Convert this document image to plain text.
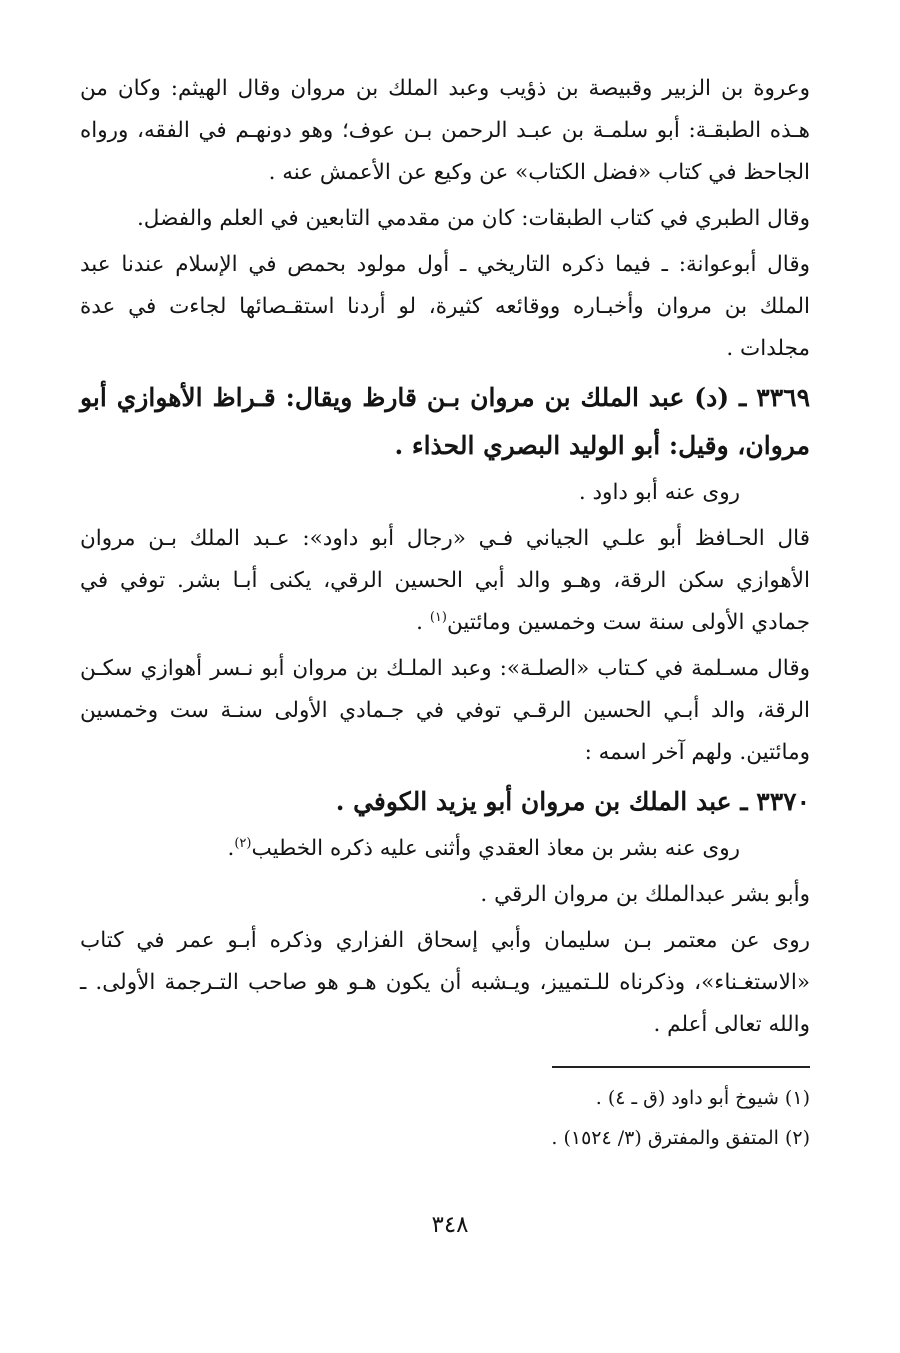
وعروة بن الزبير وقبيصة بن ذؤيب وعبد الملك بن مروان وقال الهيثم: وكان من هـذه الطبقـة: أبو سلمـة بن عبـد الرحمن بـن عوف؛ وهو دونهـم في الفقه، ورواه الجاحظ في كتاب «فضل الكتاب» عن وكيع عن الأعمش عنه .

وقال الطبري في كتاب الطبقات: كان من مقدمي التابعين في العلم والفضل.

وقال أبوعوانة: ـ فيما ذكره التاريخي ـ أول مولود بحمص في الإسلام عندنا عبد الملك بن مروان وأخبـاره ووقائعه كثيرة، لو أردنا استقـصائها لجاءت في عدة مجلدات .

٣٣٦٩ ـ (د) عبد الملك بن مروان بـن قارظ ويقال: قـراظ الأهوازي أبو مروان، وقيل: أبو الوليد البصري الحذاء .

روى عنه أبو داود .

قال الحـافظ أبو علـي الجياني فـي «رجال أبو داود»: عـبد الملك بـن مروان الأهوازي سكن الرقة، وهـو والد أبي الحسين الرقي، يكنى أبـا بشر. توفي في جمادي الأولى سنة ست وخمسين ومائتين$^{(١)}$ .

وقال مسـلمة في كـتاب «الصلـة»: وعبد الملـك بن مروان أبو نـسر أهوازي سكـن الرقة، والد أبـي الحسين الرقـي توفي في جـمادي الأولى سنـة ست وخمسين ومائتين. ولهم آخر اسمه :

٣٣٧٠ ـ عبد الملك بن مروان أبو يزيد الكوفي .

روى عنه بشر بن معاذ العقدي وأثنى عليه ذكره الخطيب$^{(٢)}$.

وأبو بشر عبدالملك بن مروان الرقي .

روى عن معتمر بـن سليمان وأبي إسحاق الفزاري وذكره أبـو عمر في كتاب «الاستغـناء»، وذكرناه للـتمييز، ويـشبه أن يكون هـو هو صاحب التـرجمة الأولى. ـ والله تعالى أعلم .

(١) شيوخ أبو داود (ق ـ ٤) .

(٢) المتفق والمفترق (٣/ ١٥٢٤) .

٣٤٨
